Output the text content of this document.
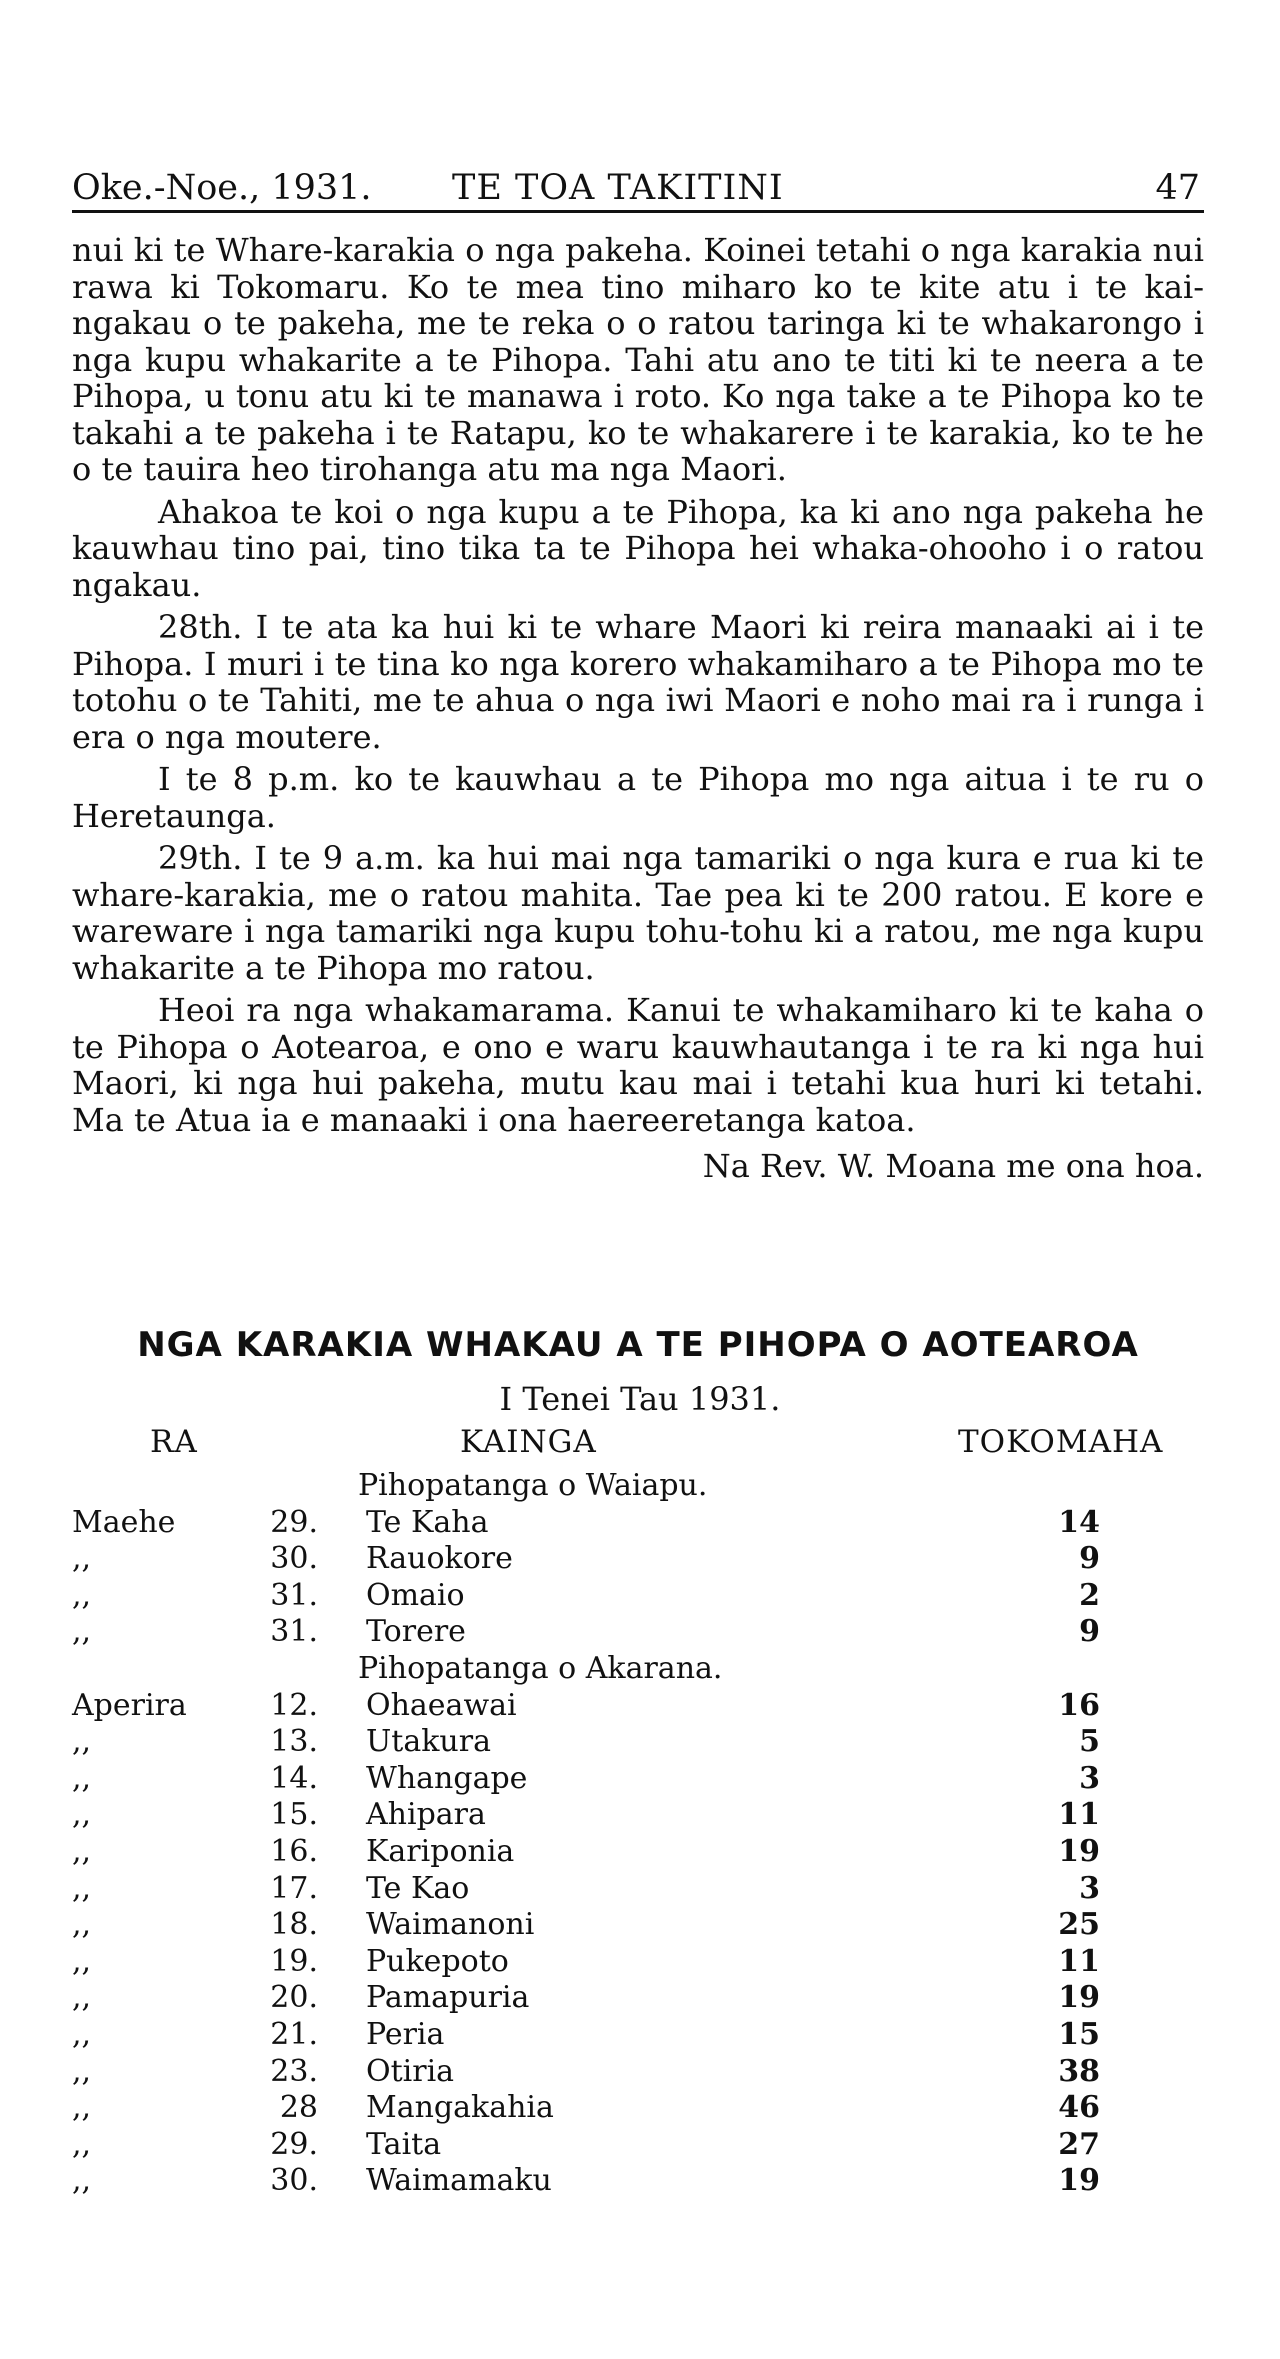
Oke.-Noe., 1931. TE TOA TAKITINI	47

nui ki te Whare-karakia o nga pakeha. Koinei tetahi o nga karakia nui rawa ki Tokomaru. Ko te mea tino miharo ko te kite atu i te kai-ngakau o te pakeha, me te reka o o ratou taringa ki te whakarongo i nga kupu whakarite a te Pihopa. Tahi atu ano te titi ki te neera a te Pihopa, u tonu atu ki te manawa i roto. Ko nga take a te Pihopa ko te takahi a te pakeha i te Ratapu, ko te whakarere i te karakia, ko te he o te tauira heo tirohanga atu ma nga Maori.

Ahakoa te koi o nga kupu a te Pihopa, ka ki ano nga pakeha he kauwhau tino pai, tino tika ta te Pihopa hei whaka-ohooho i o ratou ngakau.

28th. I te ata ka hui ki te whare Maori ki reira manaaki ai i te Pihopa. I muri i te tina ko nga korero whakamiharo a te Pihopa mo te totohu o te Tahiti, me te ahua o nga iwi Maori e noho mai ra i runga i era o nga moutere.

I te 8 p.m. ko te kauwhau a te Pihopa mo nga aitua i te ru o Heretaunga.

29th. I te 9 a.m. ka hui mai nga tamariki o nga kura e rua ki te whare-karakia, me o ratou mahita. Tae pea ki te 200 ratou. E kore e wareware i nga tamariki nga kupu tohu-tohu ki a ratou, me nga kupu whakarite a te Pihopa mo ratou.

Heoi ra nga whakamarama. Kanui te whakamiharo ki te kaha o te Pihopa o Aotearoa, e ono e waru kauwhautanga i te ra ki nga hui Maori, ki nga hui pakeha, mutu kau mai i tetahi kua huri ki tetahi. Ma te Atua ia e manaaki i ona haereeretanga katoa.

Na Rev. W. Moana me ona hoa.

NGA KARAKIA WHAKAU A TE PIHOPA O AOTEAROA
I Tenei Tau 1931.
RA	KAINGA	TOKOMAHA
Pihopatanga o Waiapu.
Maehe	29. Te Kaha	14
,,	30. Rauokore	9
,,	31. Omaio	2
,,	31. Torere	9
Pihopatanga o Akarana.
Aperira	12. Ohaeawai	16
,,	13. Utakura	5
,,	14. Whangape	3
,,	15. Ahipara	11
,,	16. Kariponia	19
,,	17. Te Kao	3
,,	18. Waimanoni	25
,,	19. Pukepoto	11
,,	20. Pamapuria	19
,,	21. Peria	15
,,	23. Otiria	38
,,	28 Mangakahia	46
,,	29. Taita	27
,,	30. Waimamaku	19
